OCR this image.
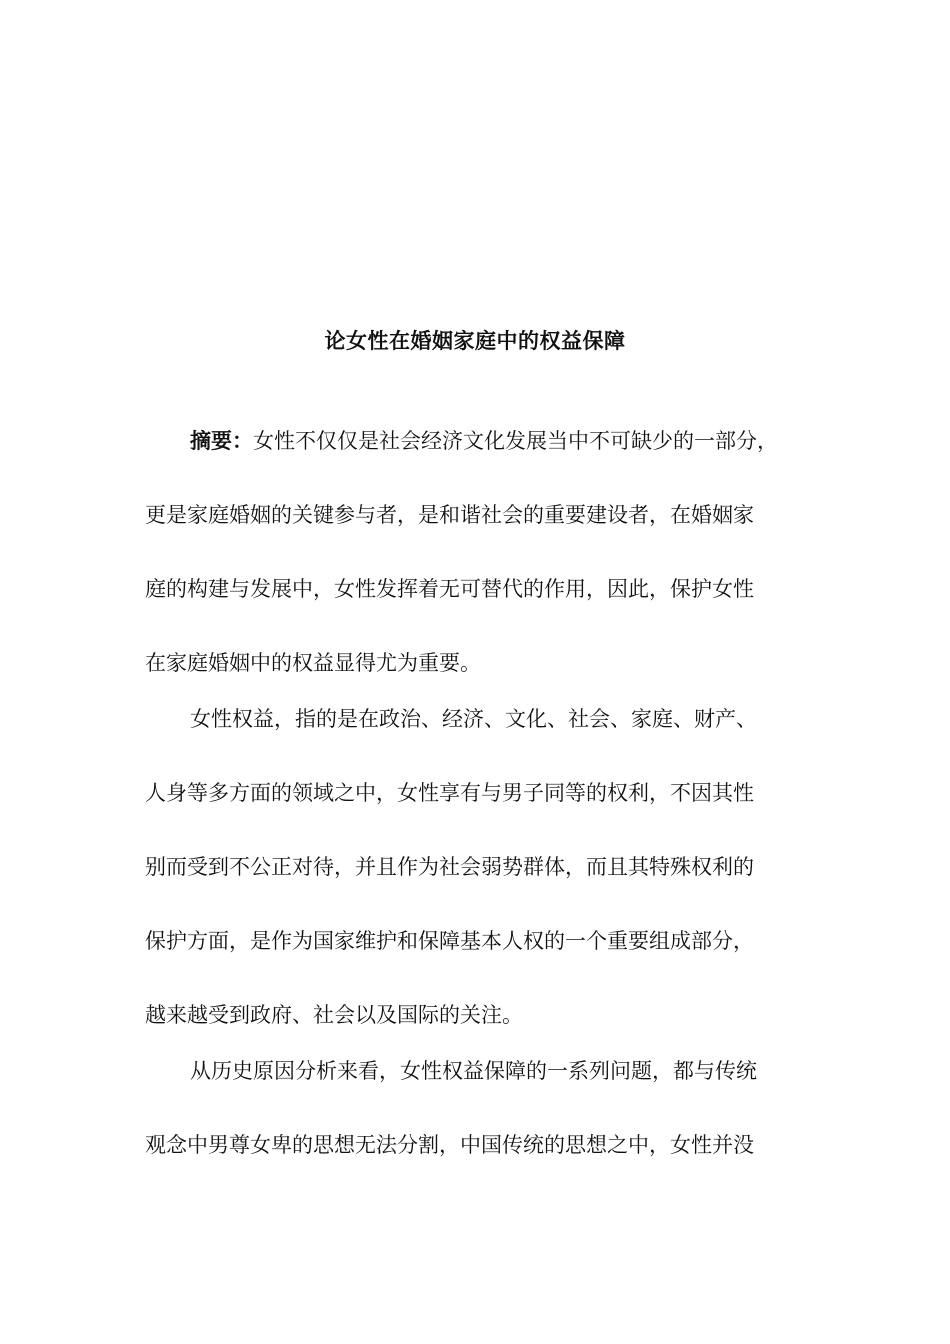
论女性在婚姻家庭中的权益保障

摘要：女性不仅仅是社会经济文化发展当中不可缺少的一部分，

更是家庭婚姻的关键参与者，是和谐社会的重要建设者，在婚姻家

庭的构建与发展中，女性发挥着无可替代的作用，因此，保护女性

在家庭婚姻中的权益显得尤为重要。

女性权益，指的是在政治、经济、文化、社会、家庭、财产、

人身等多方面的领域之中，女性享有与男子同等的权利，不因其性

别而受到不公正对待，并且作为社会弱势群体，而且其特殊权利的

保护方面，是作为国家维护和保障基本人权的一个重要组成部分，

越来越受到政府、社会以及国际的关注。

从历史原因分析来看，女性权益保障的一系列问题，都与传统

观念中男尊女卑的思想无法分割，中国传统的思想之中，女性并没
